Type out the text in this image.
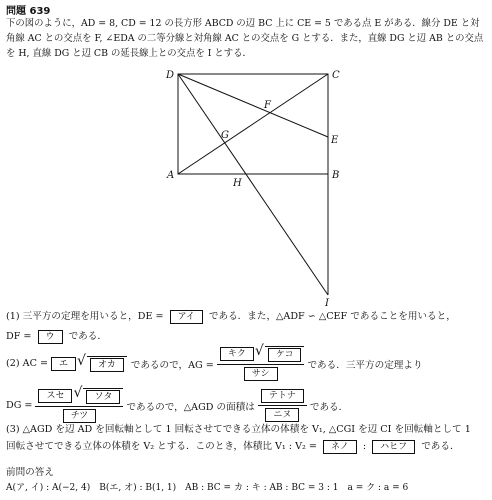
問題 639
下の図のように，AD = 8, CD = 12 の長方形 ABCD の辺 BC 上に CE = 5 である点 E がある．線分 DE と対
角線 AC との交点を F, ∠EDA の二等分線と対角線 AC との交点を G とする．また，直線 DG と辺 AB との交点
を H, 直線 DG と辺 CB の延長線上との交点を I とする．
D	C
F
G	E
A
H
B
I
(1) 三平方の定理を用いると，DE = アイ である．また，△ADF ∽ △CEF であることを用いると，
DF = ウ である．
(2) AC =	エ	√ オカ	であるので，AG = キク	√ ケコ
サシ である．三平方の定理より
DG = スセ	√ ソタ
チツ であるので，△AGD の面積は $\frac{\text{テトナ}}{\text{ニヌ}}$ である．
(3) △AGD を辺 AD を回転軸として 1 回転させてできる立体の体積を V₁, △CGI を辺 CI を回転軸として 1
回転させてできる立体の体積を V₂ とする．このとき，体積比 V₁ : V₂ = ネノ : ハヒフ である．
前問の答え
A(ア, イ) : A(−2, 4)　B(エ, オ) : B(1, 1)　AB : BC = カ : キ : AB : BC = 3 : 1　a = ク : a = 6
